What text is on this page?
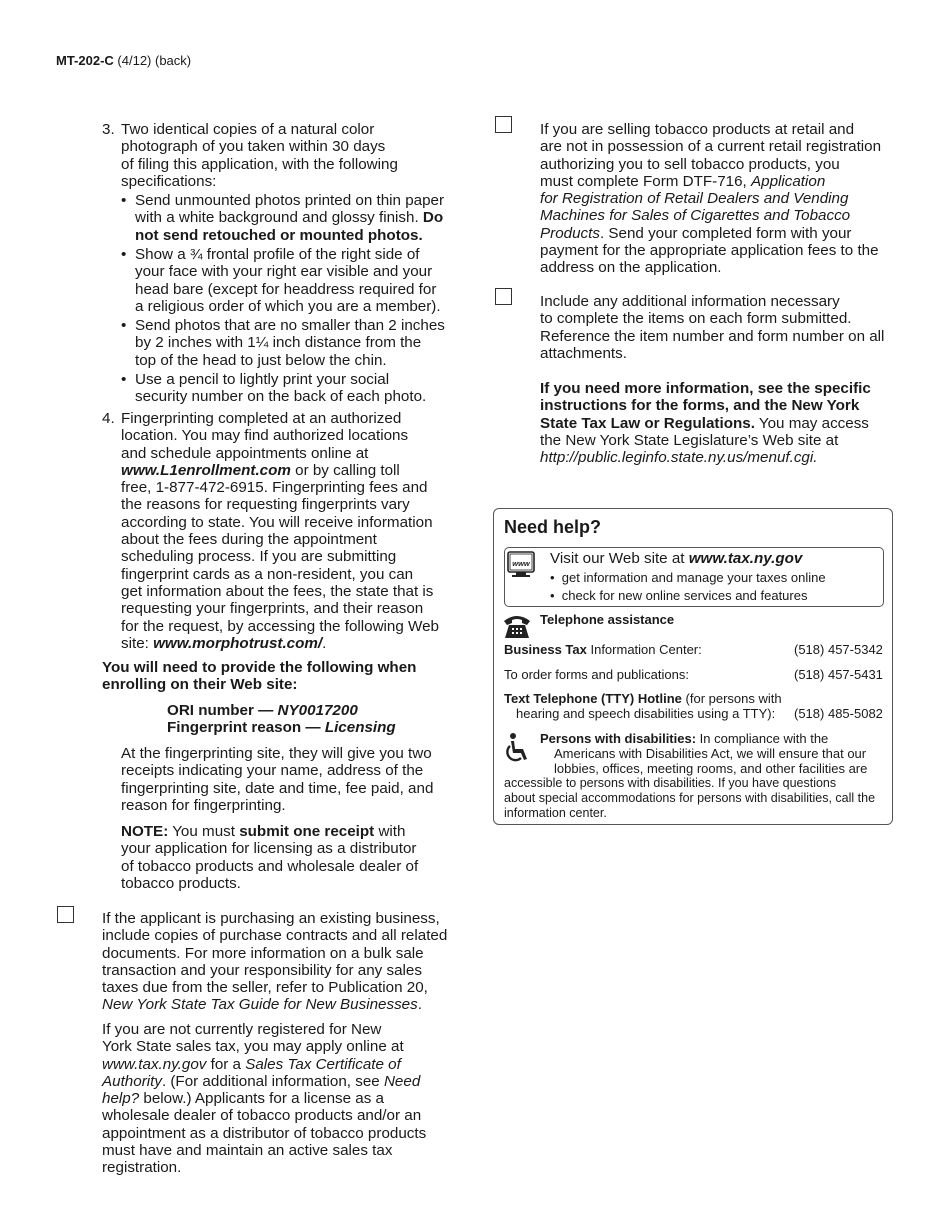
MT-202-C (4/12) (back)
3. Two identical copies of a natural color
photograph of you taken within 30 days
of filing this application, with the following
specifications:
• Send unmounted photos printed on thin paper
with a white background and glossy finish. Do
not send retouched or mounted photos.
• Show a ¾ frontal profile of the right side of
your face with your right ear visible and your
head bare (except for headdress required for
a religious order of which you are a member).
• Send photos that are no smaller than 2 inches
by 2 inches with 1¼ inch distance from the
top of the head to just below the chin.
• Use a pencil to lightly print your social
security number on the back of each photo.
4. Fingerprinting completed at an authorized
location. You may find authorized locations
and schedule appointments online at
www.L1enrollment.com or by calling toll
free, 1-877-472-6915. Fingerprinting fees and
the reasons for requesting fingerprints vary
according to state. You will receive information
about the fees during the appointment
scheduling process. If you are submitting
fingerprint cards as a non-resident, you can
get information about the fees, the state that is
requesting your fingerprints, and their reason
for the request, by accessing the following Web
site: www.morphotrust.com/.
You will need to provide the following when
enrolling on their Web site:
ORI number — NY0017200
Fingerprint reason — Licensing
At the fingerprinting site, they will give you two
receipts indicating your name, address of the
fingerprinting site, date and time, fee paid, and
reason for fingerprinting.
NOTE: You must submit one receipt with
your application for licensing as a distributor
of tobacco products and wholesale dealer of
tobacco products.
If the applicant is purchasing an existing business,
include copies of purchase contracts and all related
documents. For more information on a bulk sale
transaction and your responsibility for any sales
taxes due from the seller, refer to Publication 20,
New York State Tax Guide for New Businesses.
If you are not currently registered for New
York State sales tax, you may apply online at
www.tax.ny.gov for a Sales Tax Certificate of
Authority. (For additional information, see Need
help? below.) Applicants for a license as a
wholesale dealer of tobacco products and/or an
appointment as a distributor of tobacco products
must have and maintain an active sales tax
registration.
If you are selling tobacco products at retail and
are not in possession of a current retail registration
authorizing you to sell tobacco products, you
must complete Form DTF-716, Application
for Registration of Retail Dealers and Vending
Machines for Sales of Cigarettes and Tobacco
Products. Send your completed form with your
payment for the appropriate application fees to the
address on the application.
Include any additional information necessary
to complete the items on each form submitted.
Reference the item number and form number on all
attachments.
If you need more information, see the specific
instructions for the forms, and the New York
State Tax Law or Regulations. You may access
the New York State Legislature’s Web site at
http://public.leginfo.state.ny.us/menuf.cgi.
Need help?
www Visit our Web site at www.tax.ny.gov
•  get information and manage your taxes online
•  check for new online services and features
Telephone assistance
Business Tax Information Center:	(518) 457-5342
To order forms and publications:	(518) 457-5431
Text Telephone (TTY) Hotline (for persons with
hearing and speech disabilities using a TTY): (518) 485-5082
Persons with disabilities: In compliance with the
Americans with Disabilities Act, we will ensure that our
lobbies, offices, meeting rooms, and other facilities are
accessible to persons with disabilities. If you have questions
about special accommodations for persons with disabilities, call the
information center.
